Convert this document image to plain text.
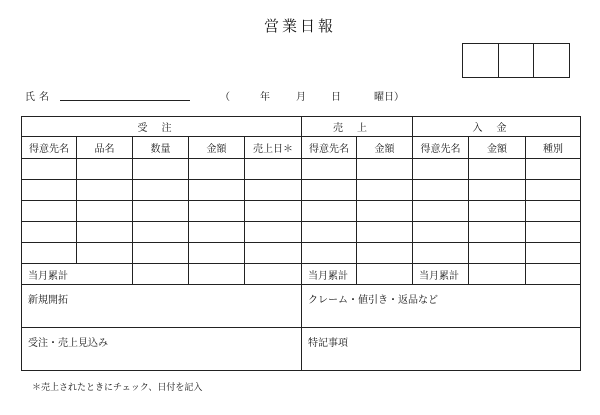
営業日報
氏名	（	年	月	日	曜日）
受注					売上		入金		
得意先名	品名	数量	金額	売上日＊	得意先名	金額	得意先名	金額	種別

当月累計					当月累計		当月累計		
新規開拓					クレーム・値引き・返品など				
受注・売上見込み					特記事項				
＊売上されたときにチェック、日付を記入
